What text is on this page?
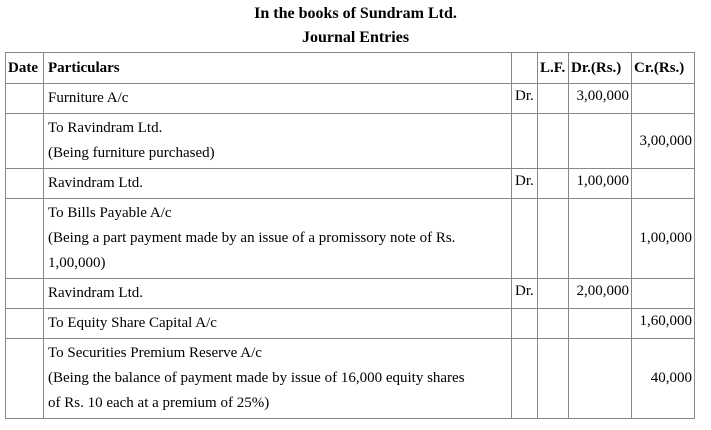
In the books of Sundram Ltd.
Journal Entries
Date	Particulars		L.F.	Dr.(Rs.)	Cr.(Rs.)

	Furniture A/c	Dr.		3,00,000	

	To Ravindram Ltd.
(Being furniture purchased)				3,00,000

	Ravindram Ltd.	Dr.		1,00,000	

	To Bills Payable A/c
(Being a part payment made by an issue of a promissory note of Rs.
1,00,000)				1,00,000

	Ravindram Ltd.	Dr.		2,00,000	

	To Equity Share Capital A/c				1,60,000

	To Securities Premium Reserve A/c
(Being the balance of payment made by issue of 16,000 equity shares
of Rs. 10 each at a premium of 25%)				40,000
